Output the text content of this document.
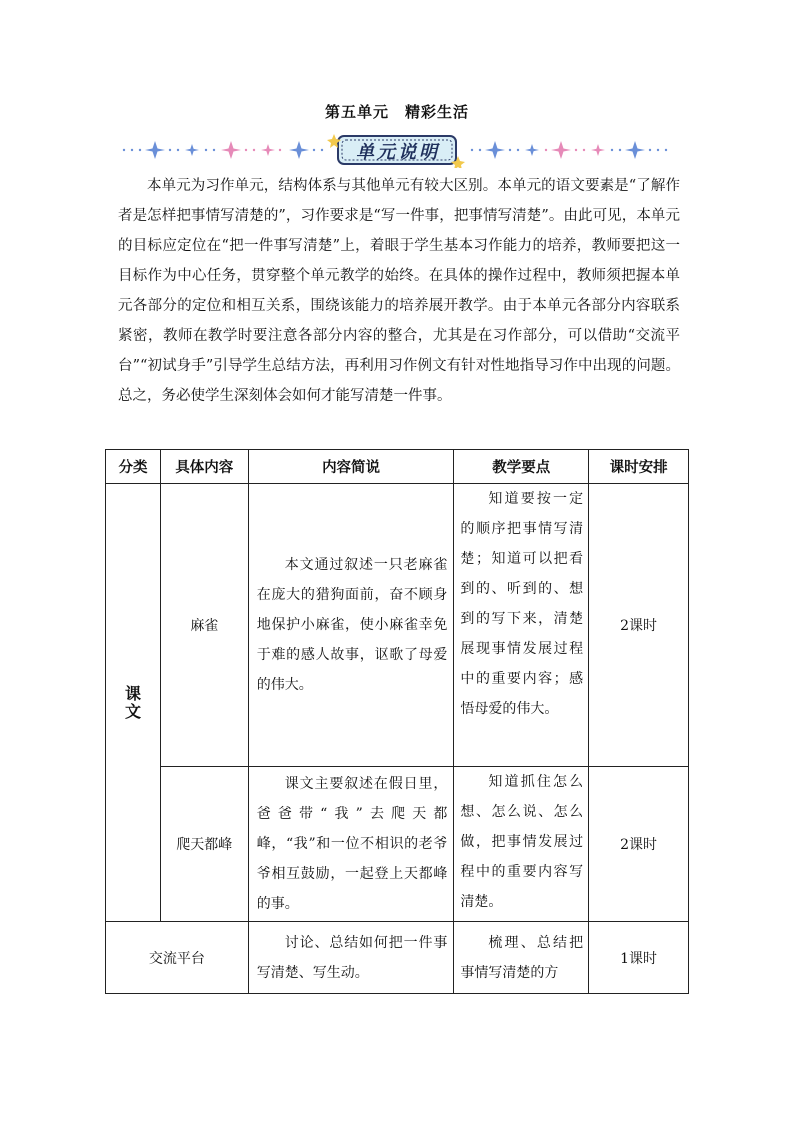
第五单元　精彩生活
单元说明

本单元为习作单元，结构体系与其他单元有较大区别。本单元的语文要素是“了解作者是怎样把事情写清楚的”，习作要求是“写一件事，把事情写清楚”。由此可见，本单元的目标应定位在“把一件事写清楚”上，着眼于学生基本习作能力的培养，教师要把这一目标作为中心任务，贯穿整个单元教学的始终。在具体的操作过程中，教师须把握本单元各部分的定位和相互关系，围绕该能力的培养展开教学。由于本单元各部分内容联系紧密，教师在教学时要注意各部分内容的整合，尤其是在习作部分，可以借助“交流平台”“初试身手”引导学生总结方法，再利用习作例文有针对性地指导习作中出现的问题。总之，务必使学生深刻体会如何才能写清楚一件事。

分类	具体内容	内容简说	教学要点	课时安排

课文	麻雀	本文通过叙述一只老麻雀在庞大的猎狗面前，奋不顾身地保护小麻雀，使小麻雀幸免于难的感人故事，讴歌了母爱的伟大。	知道要按一定的顺序把事情写清楚；知道可以把看到的、听到的、想到的写下来，清楚展现事情发展过程中的重要内容；感悟母爱的伟大。	2课时
	爬天都峰	课文主要叙述在假日里，爸爸带“我”去爬天都峰，“我”和一位不相识的老爷爷相互鼓励，一起登上天都峰的事。	知道抓住怎么想、怎么说、怎么做，把事情发展过程中的重要内容写清楚。	2课时
交流平台		讨论、总结如何把一件事写清楚、写生动。	梳理、总结把事情写清楚的方	1课时
